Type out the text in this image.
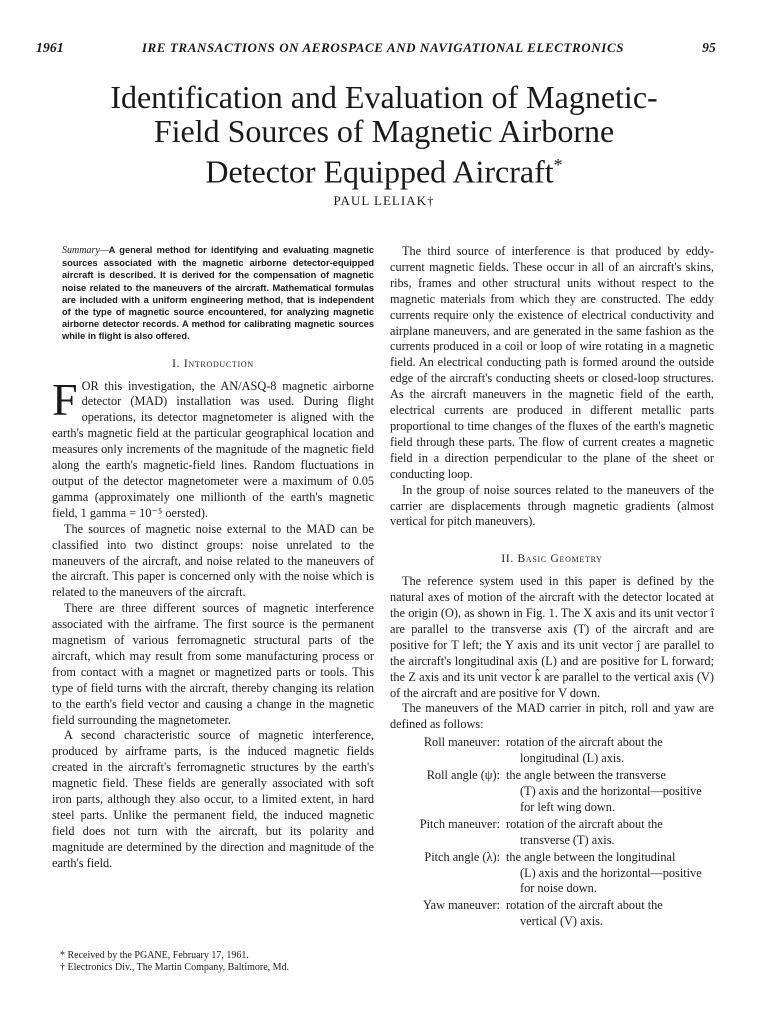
1961	IRE TRANSACTIONS ON AEROSPACE AND NAVIGATIONAL ELECTRONICS	95
Identification and Evaluation of Magnetic-
Field Sources of Magnetic Airborne
Detector Equipped Aircraft*
PAUL LELIAK†
Summary—A general method for identifying and evaluating magnetic sources associated with the magnetic airborne detector-equipped aircraft is described. It is derived for the compensation of magnetic noise related to the maneuvers of the aircraft. Mathematical formulas are included with a uniform engineering method, that is independent of the type of magnetic source encountered, for analyzing magnetic airborne detector records. A method for calibrating magnetic sources while in flight is also offered.
I. Introduction

FOR this investigation, the AN/ASQ-8 magnetic airborne detector (MAD) installation was used. During flight operations, its detector magnetometer is aligned with the earth's magnetic field at the particular geographical location and measures only increments of the magnitude of the magnetic field along the earth's magnetic-field lines. Random fluctuations in output of the detector magnetometer were a maximum of 0.05 gamma (approximately one millionth of the earth's magnetic field, 1 gamma = 10⁻⁵ oersted).

The sources of magnetic noise external to the MAD can be classified into two distinct groups: noise unrelated to the maneuvers of the aircraft, and noise related to the maneuvers of the aircraft. This paper is concerned only with the noise which is related to the maneuvers of the aircraft.

There are three different sources of magnetic interference associated with the airframe. The first source is the permanent magnetism of various ferromagnetic structural parts of the aircraft, which may result from some manufacturing process or from contact with a magnet or magnetized parts or tools. This type of field turns with the aircraft, thereby changing its relation to the earth's field vector and causing a change in the magnetic field surrounding the magnetometer.

A second characteristic source of magnetic interference, produced by airframe parts, is the induced magnetic fields created in the aircraft's ferromagnetic structures by the earth's magnetic field. These fields are generally associated with soft iron parts, although they also occur, to a limited extent, in hard steel parts. Unlike the permanent field, the induced magnetic field does not turn with the aircraft, but its polarity and magnitude are determined by the direction and magnitude of the earth's field.

The third source of interference is that produced by eddy-current magnetic fields. These occur in all of an aircraft's skins, ribs, frames and other structural units without respect to the magnetic materials from which they are constructed. The eddy currents require only the existence of electrical conductivity and airplane maneuvers, and are generated in the same fashion as the currents produced in a coil or loop of wire rotating in a magnetic field. An electrical conducting path is formed around the outside edge of the aircraft's conducting sheets or closed-loop structures. As the aircraft maneuvers in the magnetic field of the earth, electrical currents are produced in different metallic parts proportional to time changes of the fluxes of the earth's magnetic field through these parts. The flow of current creates a magnetic field in a direction perpendicular to the plane of the sheet or conducting loop.

In the group of noise sources related to the maneuvers of the carrier are displacements through magnetic gradients (almost vertical for pitch maneuvers).

II. Basic Geometry

The reference system used in this paper is defined by the natural axes of motion of the aircraft with the detector located at the origin (O), as shown in Fig. 1. The X axis and its unit vector î are parallel to the transverse axis (T) of the aircraft and are positive for T left; the Y axis and its unit vector ĵ are parallel to the aircraft's longitudinal axis (L) and are positive for L forward; the Z axis and its unit vector k̂ are parallel to the vertical axis (V) of the aircraft and are positive for V down.

The maneuvers of the MAD carrier in pitch, roll and yaw are defined as follows:

Roll maneuver: rotation of the aircraft about the
longitudinal (L) axis.
Roll angle (ψ): the angle between the transverse
(T) axis and the horizontal—positive for left wing down.
Pitch maneuver: rotation of the aircraft about the
transverse (T) axis.
Pitch angle (λ): the angle between the longitudinal
(L) axis and the horizontal—positive for noise down.
Yaw maneuver: rotation of the aircraft about the
vertical (V) axis.
* Received by the PGANE, February 17, 1961.
† Electronics Div., The Martin Company, Baltimore, Md.
